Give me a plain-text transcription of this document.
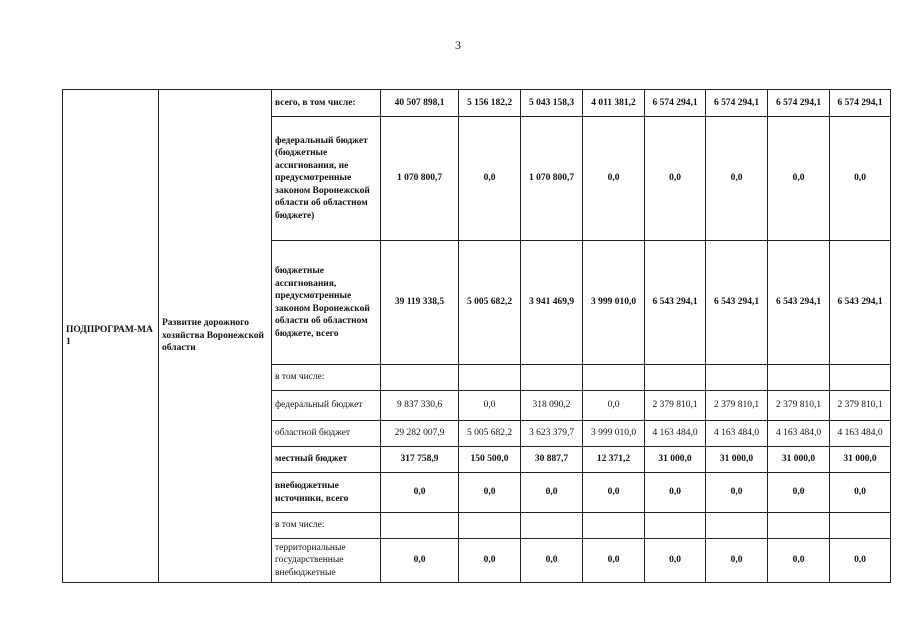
3
ПОДПРОГРАМ-МА 1	Развитие дорожного хозяйства Воронежской области	всего, в том числе:	40 507 898,1	5 156 182,2	5 043 158,3	4 011 381,2	6 574 294,1	6 574 294,1	6 574 294,1	6 574 294,1
		федеральный бюджет (бюджетные ассигнования, не предусмотренные законом Воронежской области об областном бюджете)	1 070 800,7	0,0	1 070 800,7	0,0	0,0	0,0	0,0	0,0
		бюджетные ассигнования, предусмотренные законом Воронежской области об областном бюджете, всего	39 119 338,5	5 005 682,2	3 941 469,9	3 999 010,0	6 543 294,1	6 543 294,1	6 543 294,1	6 543 294,1
		в том числе:								
		федеральный бюджет	9 837 330,6	0,0	318 090,2	0,0	2 379 810,1	2 379 810,1	2 379 810,1	2 379 810,1
		областной бюджет	29 282 007,9	5 005 682,2	3 623 379,7	3 999 010,0	4 163 484,0	4 163 484,0	4 163 484,0	4 163 484,0
		местный бюджет	317 758,9	150 500,0	30 887,7	12 371,2	31 000,0	31 000,0	31 000,0	31 000,0
		внебюджетные источники, всего	0,0	0,0	0,0	0,0	0,0	0,0	0,0	0,0
		в том числе:								
		территориальные государственные внебюджетные	0,0	0,0	0,0	0,0	0,0	0,0	0,0	0,0
